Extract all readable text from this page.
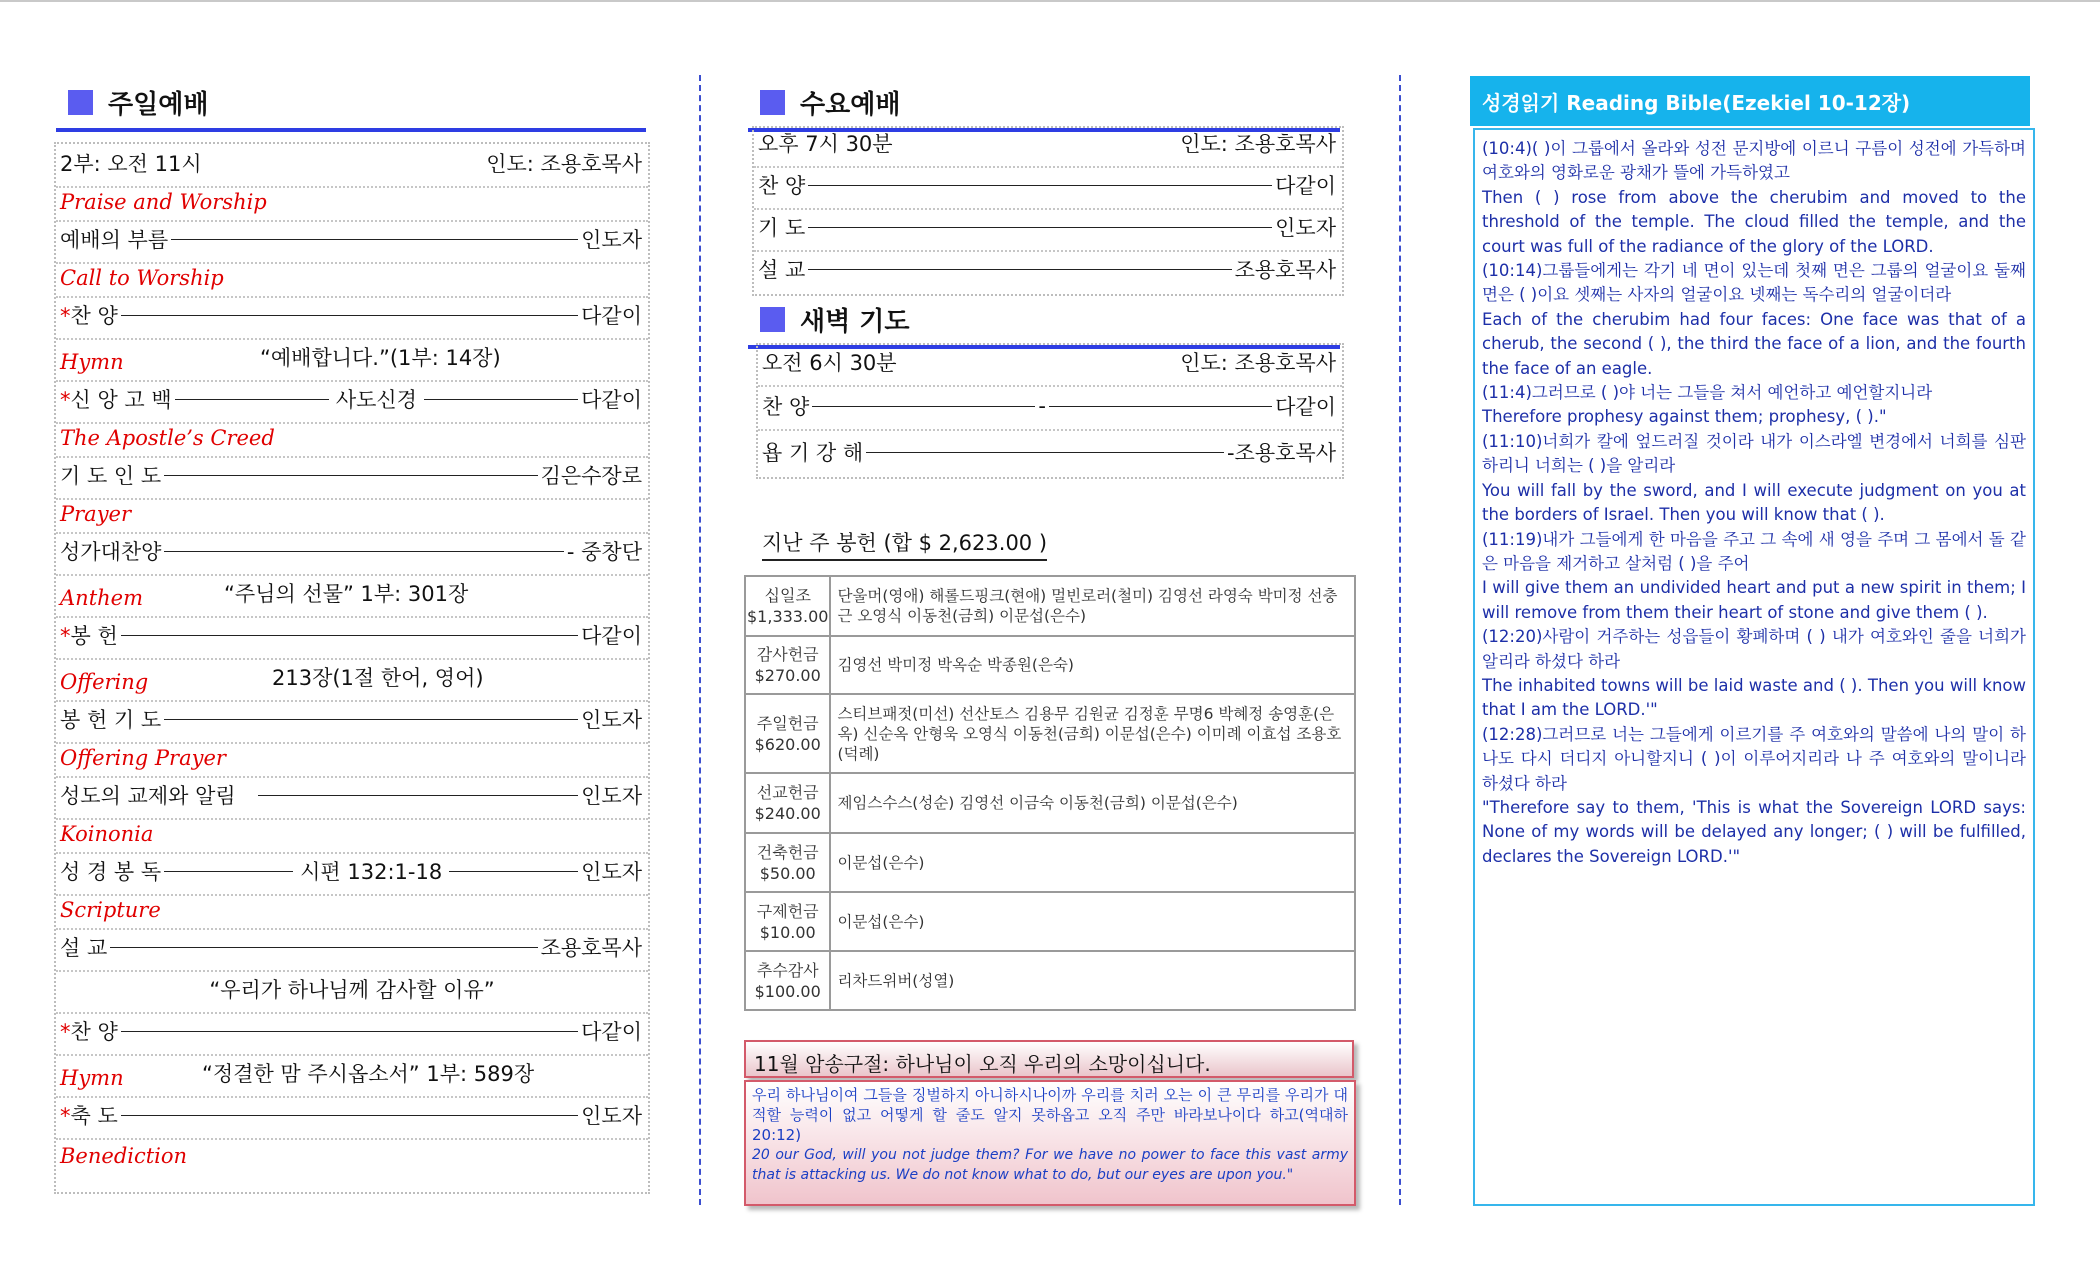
주일예배
2부: 오전 11시	인도: 조용호목사
Praise and Worship
예배의 부름	인도자
Call to Worship
*찬 양	다같이
Hymn	“예배합니다.”(1부: 14장)
*신 앙 고 백	사도신경	다같이
The Apostle’s Creed
기 도 인 도	김은수장로
Prayer
성가대찬양	- 중창단
Anthem	“주님의 선물” 1부: 301장
*봉 헌	다같이
Offering	213장(1절 한어, 영어)
봉 헌 기 도	인도자
Offering Prayer
성도의 교제와 알림	인도자
Koinonia
성 경 봉 독	시편 132:1-18	인도자
Scripture
설 교	조용호목사
“우리가 하나님께 감사할 이유”
*찬 양	다같이
Hymn	“정결한 맘 주시옵소서” 1부: 589장
*축 도	인도자
Benediction
수요예배
오후 7시 30분	인도: 조용호목사
찬 양	다같이
기 도	인도자
설 교	조용호목사
새벽 기도
오전 6시 30분	인도: 조용호목사
찬 양	-	다같이
욥 기 강 해	-조용호목사
지난 주 봉헌 (합 $ 2,623.00 )
십일조
$1,333.00	단울머(영애) 해롤드핑크(현애) 멀빈로러(철미) 김영선 라영숙 박미정 선충근 오영식 이동천(금희) 이문섭(은수)
감사헌금
$270.00	김영선 박미정 박옥순 박종원(은숙)
주일헌금
$620.00	스티브패젓(미선) 선산토스 김용무 김원균 김정훈 무명6 박혜정 송영훈(은옥) 신순옥 안형욱 오영식 이동천(금희) 이문섭(은수) 이미례 이효섭 조용호(덕례)
선교헌금
$240.00	제임스수스(성순) 김영선 이금숙 이동천(금희) 이문섭(은수)
건축헌금
$50.00	이문섭(은수)
구제헌금
$10.00	이문섭(은수)
추수감사
$100.00	리차드위버(성열)
11월 암송구절: 하나님이 오직 우리의 소망이십니다.
우리 하나님이여 그들을 징벌하지 아니하시나이까 우리를 치러 오는 이 큰 무리를 우리가 대적할 능력이 없고 어떻게 할 줄도 알지 못하옵고 오직 주만 바라보나이다 하고(역대하 20:12)
20 our God, will you not judge them? For we have no power to face this vast army that is attacking us. We do not know what to do, but our eyes are upon you."
성경읽기 Reading Bible(Ezekiel 10-12장)

(10:4)( )이 그룹에서 올라와 성전 문지방에 이르니 구름이 성전에 가득하며 여호와의 영화로운 광채가 뜰에 가득하였고

Then ( ) rose from above the cherubim and moved to the threshold of the temple. The cloud filled the temple, and the court was full of the radiance of the glory of the LORD.

(10:14)그룹들에게는 각기 네 면이 있는데 첫째 면은 그룹의 얼굴이요 둘째 면은 ( )이요 셋째는 사자의 얼굴이요 넷째는 독수리의 얼굴이더라

Each of the cherubim had four faces: One face was that of a cherub, the second ( ), the third the face of a lion, and the fourth the face of an eagle.

(11:4)그러므로 ( )야 너는 그들을 쳐서 예언하고 예언할지니라

Therefore prophesy against them; prophesy, ( )."

(11:10)너희가 칼에 엎드러질 것이라 내가 이스라엘 변경에서 너희를 심판하리니 너희는 ( )을 알리라

You will fall by the sword, and I will execute judgment on you at the borders of Israel. Then you will know that ( ).

(11:19)내가 그들에게 한 마음을 주고 그 속에 새 영을 주며 그 몸에서 돌 같은 마음을 제거하고 살처럼 ( )을 주어

I will give them an undivided heart and put a new spirit in them; I will remove from them their heart of stone and give them ( ).

(12:20)사람이 거주하는 성읍들이 황폐하며 ( ) 내가 여호와인 줄을 너희가 알리라 하셨다 하라

The inhabited towns will be laid waste and ( ). Then you will know that I am the LORD.'"

(12:28)그러므로 너는 그들에게 이르기를 주 여호와의 말씀에 나의 말이 하나도 다시 더디지 아니할지니 ( )이 이루어지리라 나 주 여호와의 말이니라 하셨다 하라

"Therefore say to them, 'This is what the Sovereign LORD says: None of my words will be delayed any longer; ( ) will be fulfilled, declares the Sovereign LORD.'"
